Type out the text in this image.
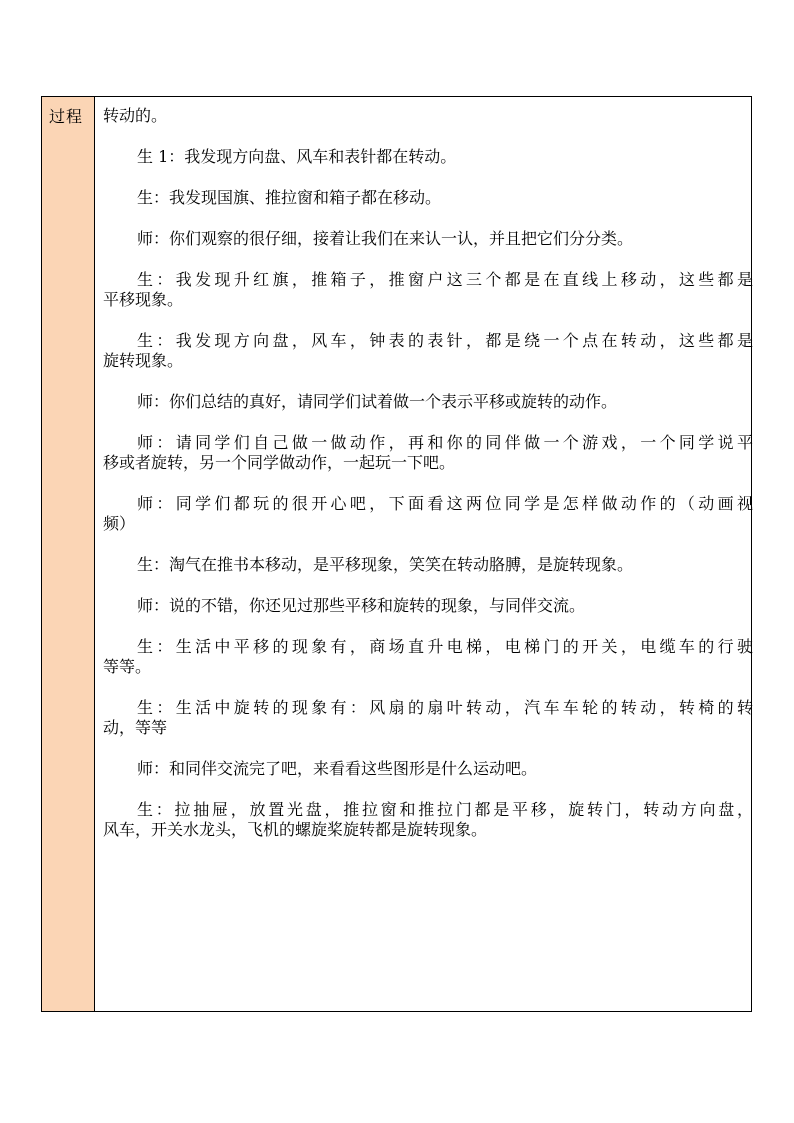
过程 转动的。
生 1：我发现方向盘、风车和表针都在转动。
生：我发现国旗、推拉窗和箱子都在移动。
师：你们观察的很仔细，接着让我们在来认一认，并且把它们分分类。
生：我发现升红旗，推箱子，推窗户这三个都是在直线上移动，这些都是
平移现象。
生：我发现方向盘，风车，钟表的表针，都是绕一个点在转动，这些都是
旋转现象。
师：你们总结的真好，请同学们试着做一个表示平移或旋转的动作。
师：请同学们自己做一做动作，再和你的同伴做一个游戏，一个同学说平
移或者旋转，另一个同学做动作，一起玩一下吧。
师：同学们都玩的很开心吧，下面看这两位同学是怎样做动作的（动画视
频）
生：淘气在推书本移动，是平移现象，笑笑在转动胳膊，是旋转现象。
师：说的不错，你还见过那些平移和旋转的现象，与同伴交流。
生：生活中平移的现象有，商场直升电梯，电梯门的开关，电缆车的行驶
等等。
生：生活中旋转的现象有：风扇的扇叶转动，汽车车轮的转动，转椅的转
动，等等
师：和同伴交流完了吧，来看看这些图形是什么运动吧。
生：拉抽屉，放置光盘，推拉窗和推拉门都是平移，旋转门，转动方向盘，
风车，开关水龙头，飞机的螺旋桨旋转都是旋转现象。
